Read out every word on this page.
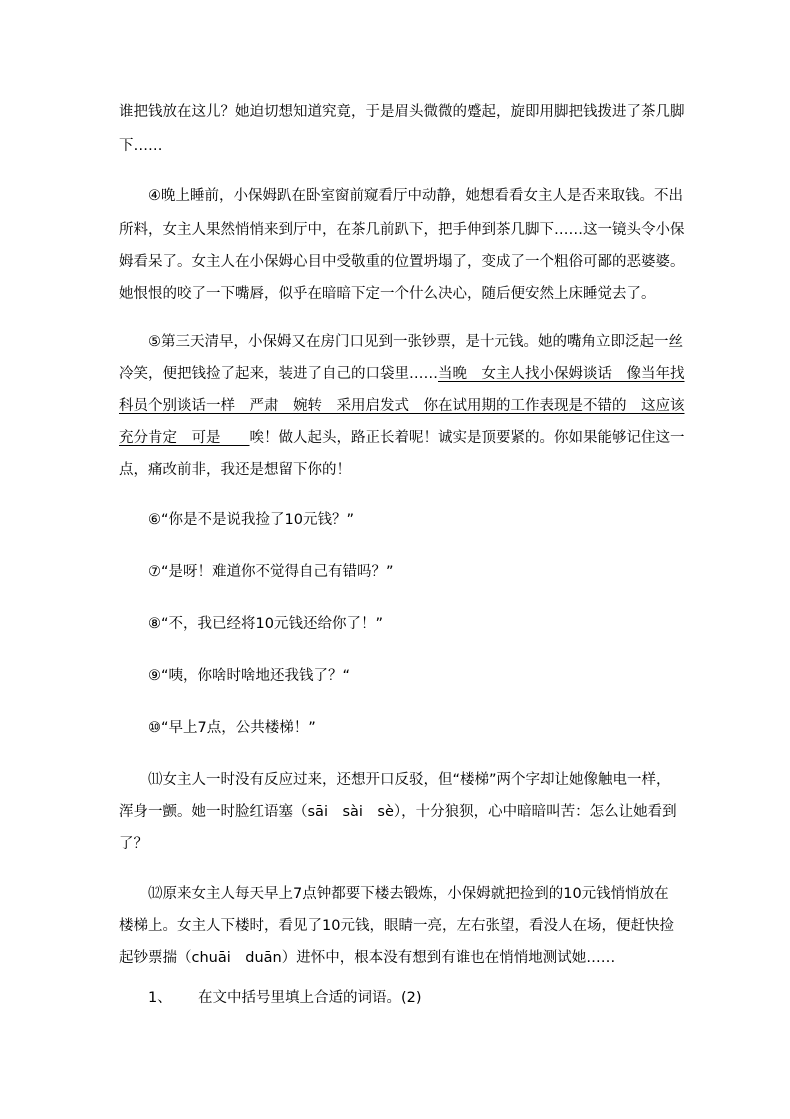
谁把钱放在这儿？她迫切想知道究竟，于是眉头微微的蹙起，旋即用脚把钱拨进了茶几脚
下……
④晚上睡前，小保姆趴在卧室窗前窥看厅中动静，她想看看女主人是否来取钱。不出
所料，女主人果然悄悄来到厅中，在茶几前趴下，把手伸到茶几脚下……这一镜头令小保
姆看呆了。女主人在小保姆心目中受敬重的位置坍塌了，变成了一个粗俗可鄙的恶婆婆。
她恨恨的咬了一下嘴唇，似乎在暗暗下定一个什么决心，随后便安然上床睡觉去了。
⑤第三天清早，小保姆又在房门口见到一张钞票，是十元钱。她的嘴角立即泛起一丝
冷笑，便把钱捡了起来，装进了自己的口袋里……当晚　女主人找小保姆谈话　像当年找
科员个别谈话一样　严肃　婉转　采用启发式　你在试用期的工作表现是不错的　这应该
充分肯定　可是　　唉！做人起头，路正长着呢！诚实是顶要紧的。你如果能够记住这一
点，痛改前非，我还是想留下你的！
⑥“你是不是说我捡了10元钱？”
⑦“是呀！难道你不觉得自己有错吗？”
⑧“不，我已经将10元钱还给你了！”
⑨“咦，你啥时啥地还我钱了？“
⑩“早上7点，公共楼梯！”
⑾女主人一时没有反应过来，还想开口反驳，但“楼梯”两个字却让她像触电一样，
浑身一颤。她一时脸红语塞（sāi　sài　sè），十分狼狈，心中暗暗叫苦：怎么让她看到
了？
⑿原来女主人每天早上7点钟都要下楼去锻炼，小保姆就把捡到的10元钱悄悄放在
楼梯上。女主人下楼时，看见了10元钱，眼睛一亮，左右张望，看没人在场，便赶快捡
起钞票揣（chuāi　duān）进怀中，根本没有想到有谁也在悄悄地测试她……
1、 在文中括号里填上合适的词语。(2)
